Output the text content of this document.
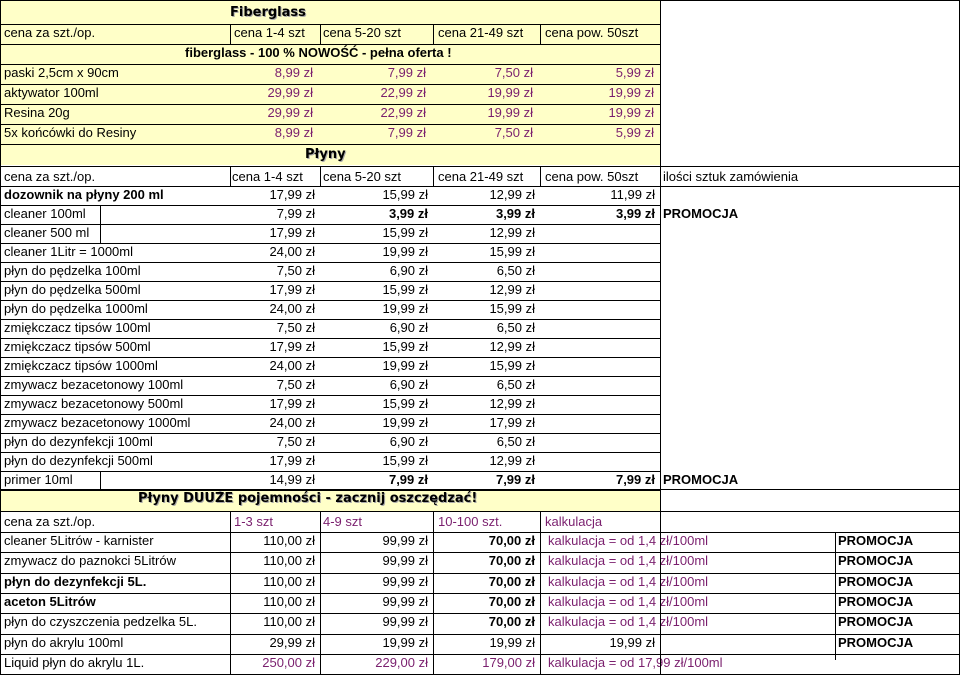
Fiberglass
cena za szt./op.	cena 1-4 szt	cena 5-20 szt	cena 21-49 szt	cena pow. 50szt
fiberglass - 100 % NOWOŚĆ - pełna oferta !
paski 2,5cm x 90cm	8,99 zł	7,99 zł	7,50 zł	5,99 zł
aktywator 100ml	29,99 zł	22,99 zł	19,99 zł	19,99 zł
Resina 20g	29,99 zł	22,99 zł	19,99 zł	19,99 zł
5x końcówki do Resiny	8,99 zł	7,99 zł	7,50 zł	5,99 zł
Płyny
cena za szt./op.	cena 1-4 szt	cena 5-20 szt	cena 21-49 szt	cena pow. 50szt	ilości sztuk zamówienia
dozownik na płyny 200 ml	17,99 zł	15,99 zł	12,99 zł	11,99 zł
cleaner 100ml	7,99 zł	3,99 zł	3,99 zł	3,99 zł PROMOCJA
cleaner 500 ml	17,99 zł	15,99 zł	12,99 zł
cleaner 1Litr = 1000ml	24,00 zł	19,99 zł	15,99 zł
płyn do pędzelka 100ml	7,50 zł	6,90 zł	6,50 zł
płyn do pędzelka 500ml	17,99 zł	15,99 zł	12,99 zł
płyn do pędzelka 1000ml	24,00 zł	19,99 zł	15,99 zł
zmiękczacz tipsów 100ml	7,50 zł	6,90 zł	6,50 zł
zmiękczacz tipsów 500ml	17,99 zł	15,99 zł	12,99 zł
zmiękczacz tipsów 1000ml	24,00 zł	19,99 zł	15,99 zł
zmywacz bezacetonowy 100ml	7,50 zł	6,90 zł	6,50 zł
zmywacz bezacetonowy 500ml	17,99 zł	15,99 zł	12,99 zł
zmywacz bezacetonowy 1000ml	24,00 zł	19,99 zł	17,99 zł
płyn do dezynfekcji 100ml	7,50 zł	6,90 zł	6,50 zł
płyn do dezynfekcji 500ml	17,99 zł	15,99 zł	12,99 zł
primer 10ml	14,99 zł	7,99 zł	7,99 zł	7,99 zł PROMOCJA
Płyny DUUŻE pojemności - zacznij oszczędzać!
cena za szt./op.	1-3 szt	4-9 szt	10-100 szt.	kalkulacja
cleaner 5Litrów - karnister	110,00 zł	99,99 zł	70,00 zł kalkulacja = od 1,4 zł/100ml	PROMOCJA
zmywacz do paznokci 5Litrów	110,00 zł	99,99 zł	70,00 zł kalkulacja = od 1,4 zł/100ml	PROMOCJA
płyn do dezynfekcji 5L.	110,00 zł	99,99 zł	70,00 zł kalkulacja = od 1,4 zł/100ml	PROMOCJA
aceton 5Litrów	110,00 zł	99,99 zł	70,00 zł kalkulacja = od 1,4 zł/100ml	PROMOCJA
płyn do czyszczenia pedzelka 5L.	110,00 zł	99,99 zł	70,00 zł kalkulacja = od 1,4 zł/100ml	PROMOCJA
płyn do akrylu 100ml	29,99 zł	19,99 zł	19,99 zł	19,99 zł	PROMOCJA
Liquid płyn do akrylu 1L.	250,00 zł	229,00 zł	179,00 zł kalkulacja = od 17,99 zł/100ml
